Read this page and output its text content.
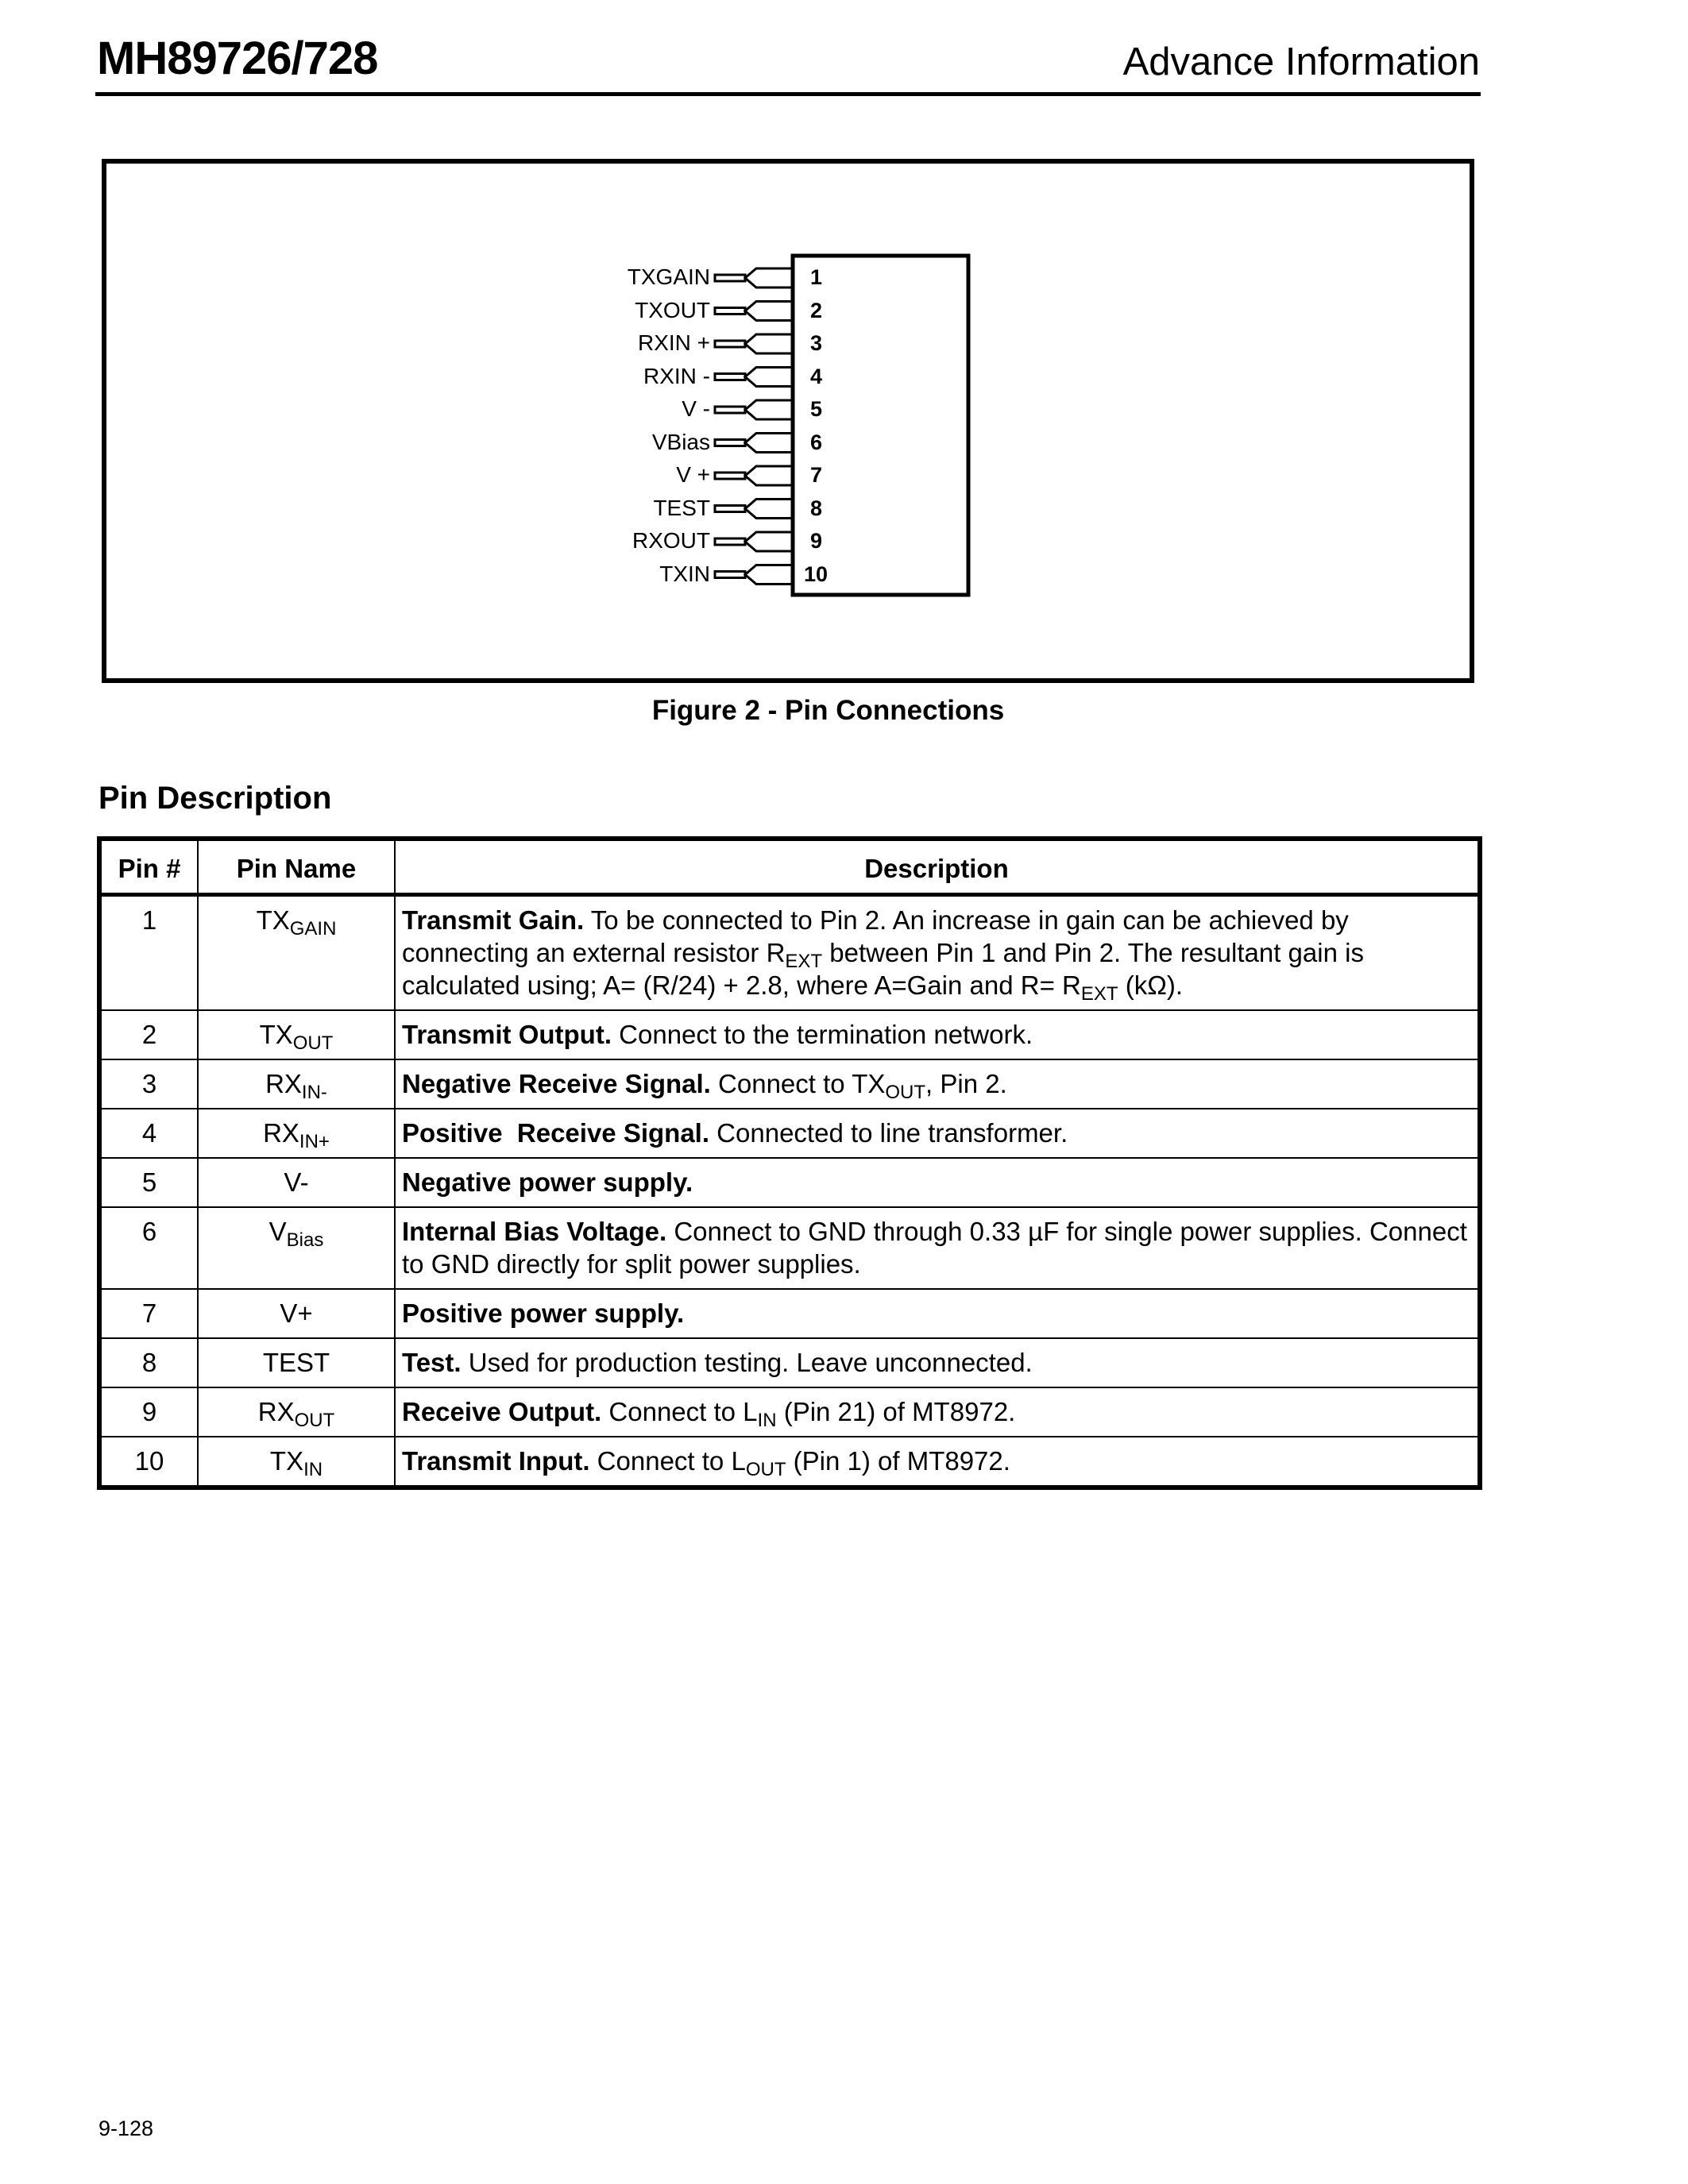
MH89726/728	Advance Information
TXGAIN
TXOUT
RXIN +
RXIN -
V -
VBias
V +
TEST
RXOUT
TXIN
1
2
3
4
5
6
7
8
9
10
Figure 2 - Pin Connections
Pin Description
Pin #	Pin Name	Description
1	$TX_{GAIN}$	Transmit Gain. To be connected to Pin 2. An increase in gain can be achieved by connecting an external resistor $R_{EXT}$ between Pin 1 and Pin 2. The resultant gain is calculated using; A= (R/24) + 2.8, where A=Gain and $R= R_{EXT}$ (kΩ).
2	$TX_{OUT}$	Transmit Output. Connect to the termination network.
3	$RX_{IN-}$	Negative Receive Signal. Connect to $TX_{OUT}$, Pin 2.
4	$RX_{IN+}$	Positive  Receive Signal. Connected to line transformer.
5	V-	Negative power supply.
6	$V_{Bias}$	Internal Bias Voltage. Connect to GND through 0.33 µF for single power supplies. Connect to GND directly for split power supplies.
7	V+	Positive power supply.
8	TEST	Test. Used for production testing. Leave unconnected.
9	$RX_{OUT}$	Receive Output. Connect to $L_{IN}$ (Pin 21) of MT8972.
10	$TX_{IN}$	Transmit Input. Connect to $L_{OUT}$ (Pin 1) of MT8972.
9-128
